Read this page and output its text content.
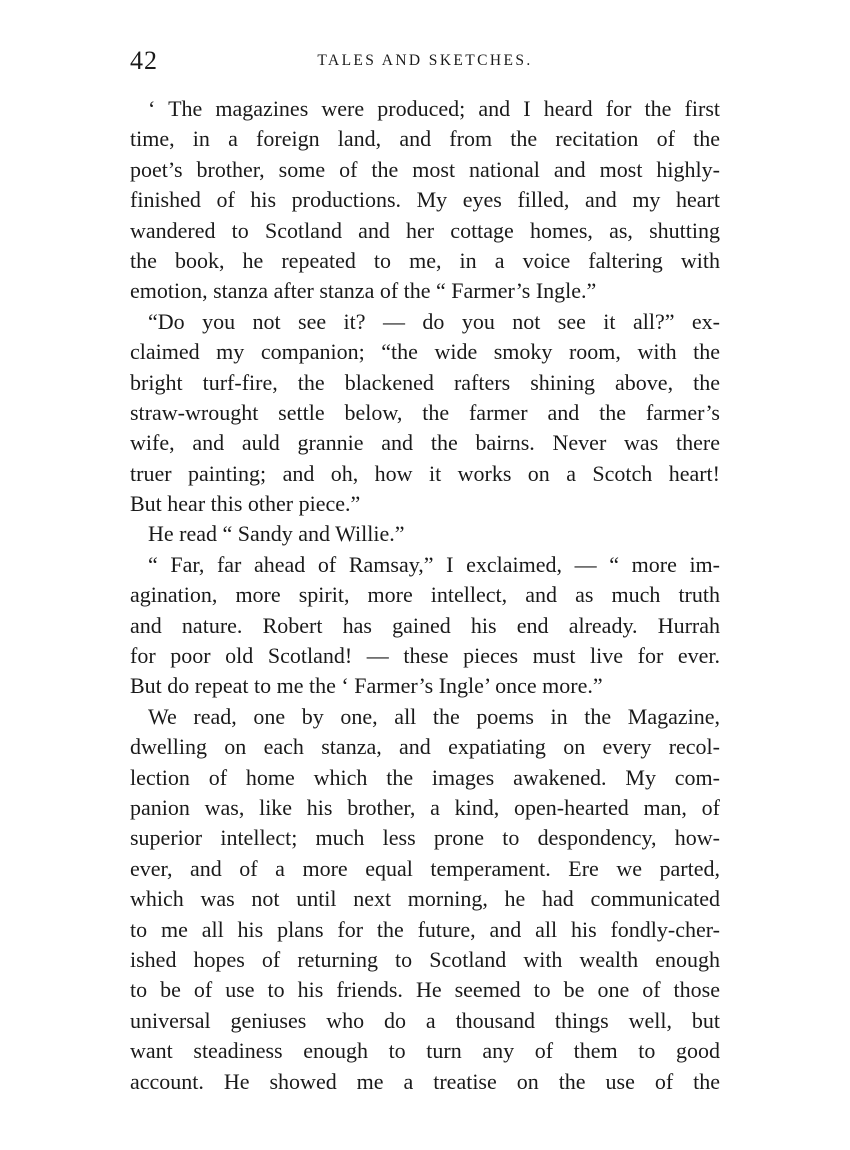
42	TALES AND SKETCHES.
‘ The magazines were produced; and I heard for the first
time, in a foreign land, and from the recitation of the
poet’s brother, some of the most national and most highly-
finished of his productions. My eyes filled, and my heart
wandered to Scotland and her cottage homes, as, shutting
the book, he repeated to me, in a voice faltering with
emotion, stanza after stanza of the “ Farmer’s Ingle.”
“Do you not see it? — do you not see it all?” ex-
claimed my companion; “the wide smoky room, with the
bright turf-fire, the blackened rafters shining above, the
straw-wrought settle below, the farmer and the farmer’s
wife, and auld grannie and the bairns. Never was there
truer painting; and oh, how it works on a Scotch heart!
But hear this other piece.”
He read “ Sandy and Willie.”
“ Far, far ahead of Ramsay,” I exclaimed, — “ more im-
agination, more spirit, more intellect, and as much truth
and nature. Robert has gained his end already. Hurrah
for poor old Scotland! — these pieces must live for ever.
But do repeat to me the ‘ Farmer’s Ingle’ once more.”
We read, one by one, all the poems in the Magazine,
dwelling on each stanza, and expatiating on every recol-
lection of home which the images awakened. My com-
panion was, like his brother, a kind, open-hearted man, of
superior intellect; much less prone to despondency, how-
ever, and of a more equal temperament. Ere we parted,
which was not until next morning, he had communicated
to me all his plans for the future, and all his fondly-cher-
ished hopes of returning to Scotland with wealth enough
to be of use to his friends. He seemed to be one of those
universal geniuses who do a thousand things well, but
want steadiness enough to turn any of them to good
account. He showed me a treatise on the use of the
